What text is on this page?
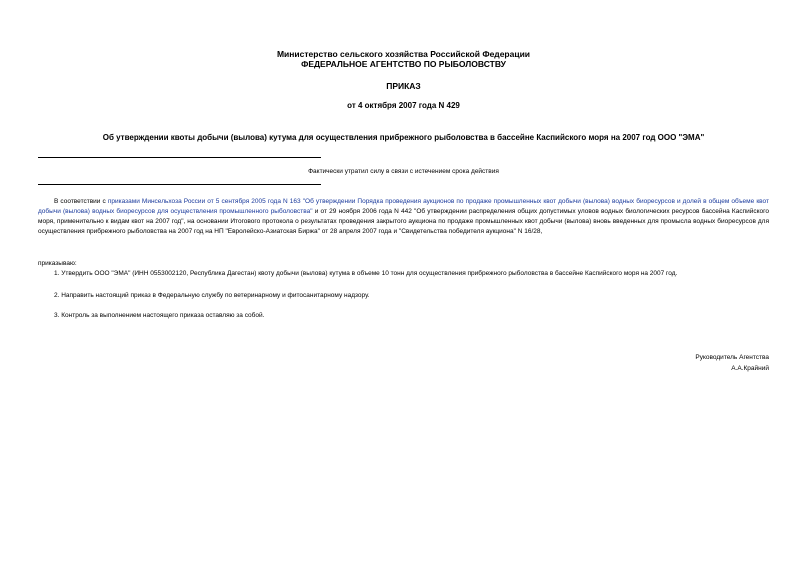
Министерство сельского хозяйства Российской Федерации
ФЕДЕРАЛЬНОЕ АГЕНТСТВО ПО РЫБОЛОВСТВУ
ПРИКАЗ
от 4 октября 2007 года N 429
Об утверждении квоты добычи (вылова) кутума для осуществления прибрежного рыболовства в бассейне Каспийского моря на 2007 год ООО "ЭМА"
Фактически утратил силу в связи с истечением срока действия
В соответствии с приказами Минсельхоза России от 5 сентября 2005 года N 163 "Об утверждении Порядка проведения аукционов по продаже промышленных квот добычи (вылова) водных биоресурсов и долей в общем объеме квот добычи (вылова) водных биоресурсов для осуществления промышленного рыболовства" и от 29 ноября 2006 года N 442 "Об утверждении распределения общих допустимых уловов водных биологических ресурсов бассейна Каспийского моря, применительно к видам квот на 2007 год", на основании Итогового протокола о результатах проведения закрытого аукциона по продаже промышленных квот добычи (вылова) вновь введенных для промысла водных биоресурсов для осуществления прибрежного рыболовства на 2007 год на НП "Евролейско-Азиатская Биржа" от 28 апреля 2007 года и "Свидетельства победителя аукциона" N 16/28,
приказываю:
1. Утвердить ООО "ЭМА" (ИНН 0553002120, Республика Дагестан) квоту добычи (вылова) кутума в объеме 10 тонн для осуществления прибрежного рыболовства в бассейне Каспийского моря на 2007 год.
2. Направить настоящий приказ в Федеральную службу по ветеринарному и фитосанитарному надзору.
3. Контроль за выполнением настоящего приказа оставляю за собой.
Руководитель Агентства
А.А.Крайний
